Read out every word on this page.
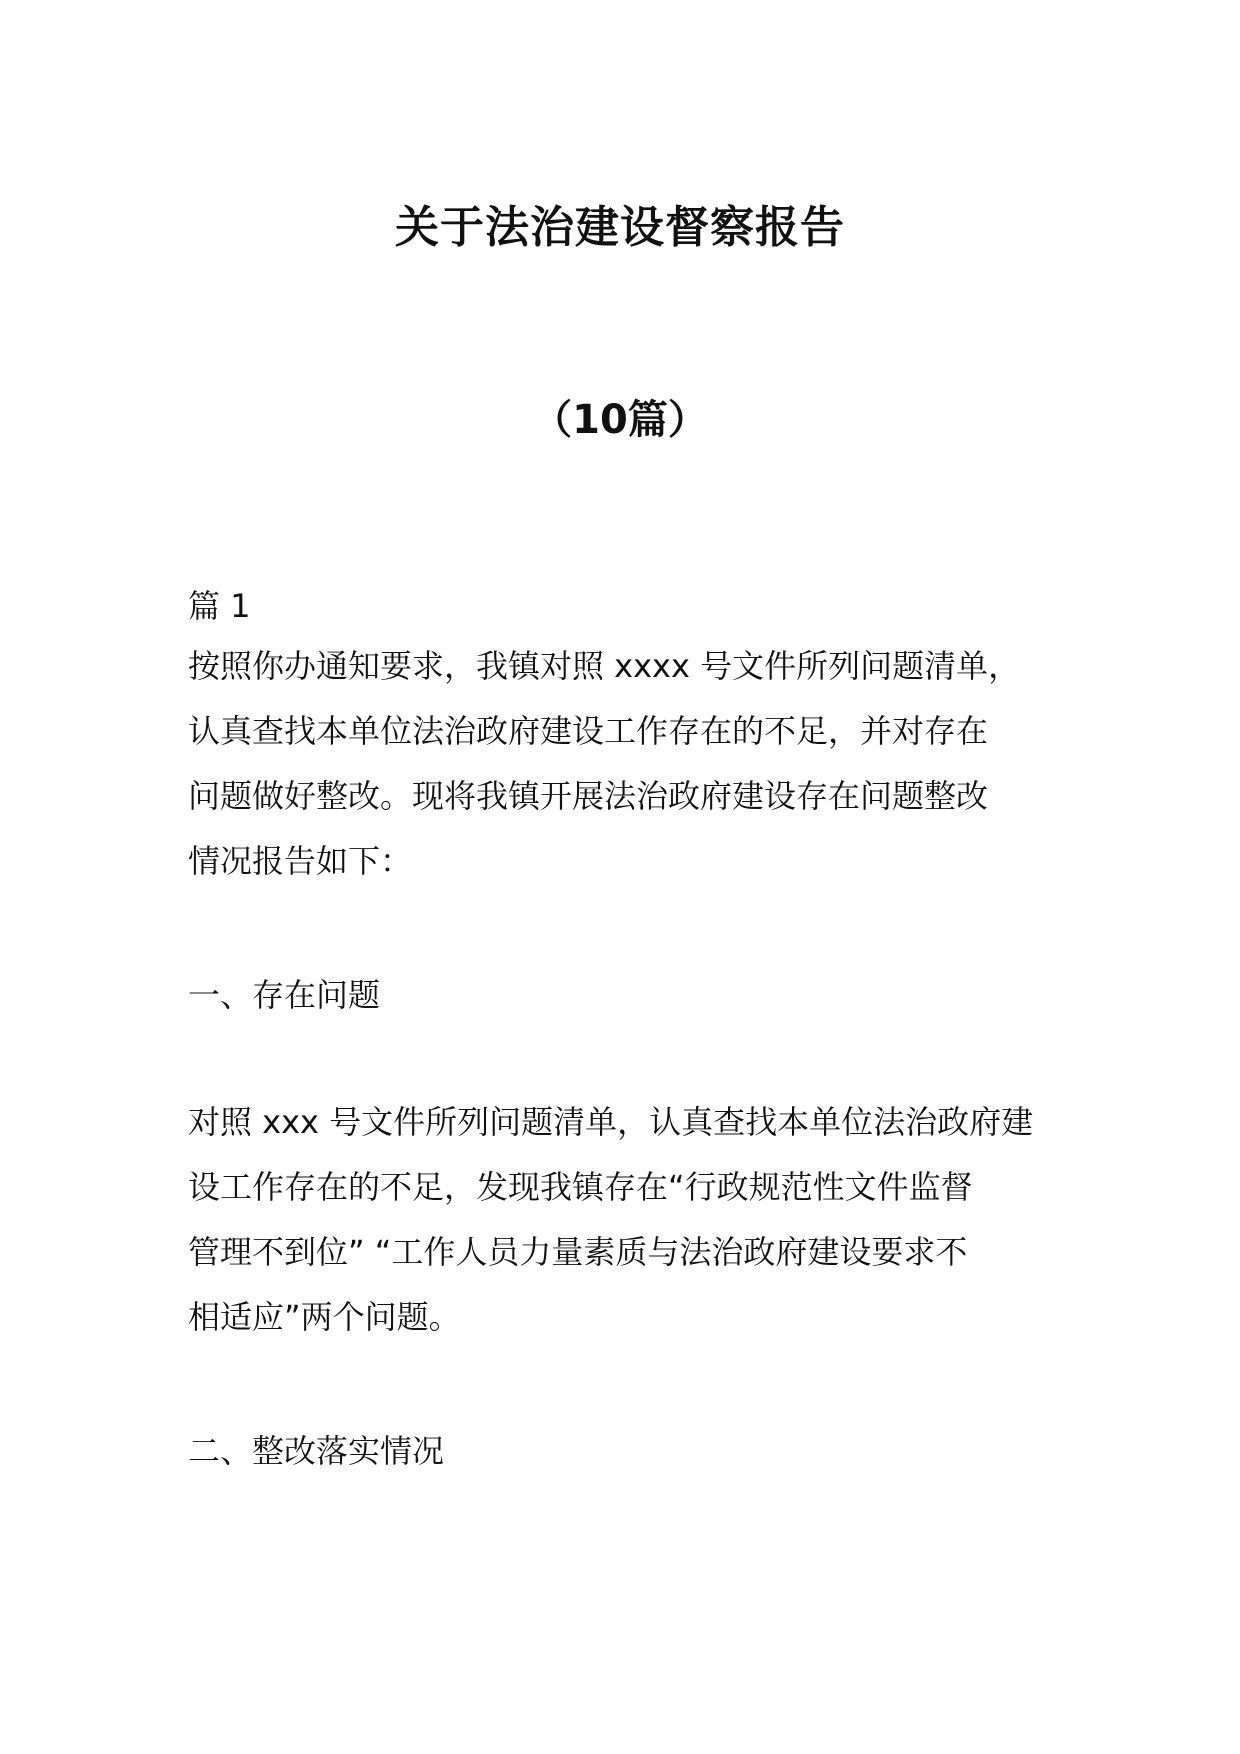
关于法治建设督察报告
（10篇）
篇 1
按照你办通知要求，我镇对照 xxxx 号文件所列问题清单，
认真查找本单位法治政府建设工作存在的不足，并对存在
问题做好整改。现将我镇开展法治政府建设存在问题整改
情况报告如下：
一、存在问题
对照 xxx 号文件所列问题清单，认真查找本单位法治政府建
设工作存在的不足，发现我镇存在“行政规范性文件监督
管理不到位” “工作人员力量素质与法治政府建设要求不
相适应”两个问题。
二、整改落实情况
